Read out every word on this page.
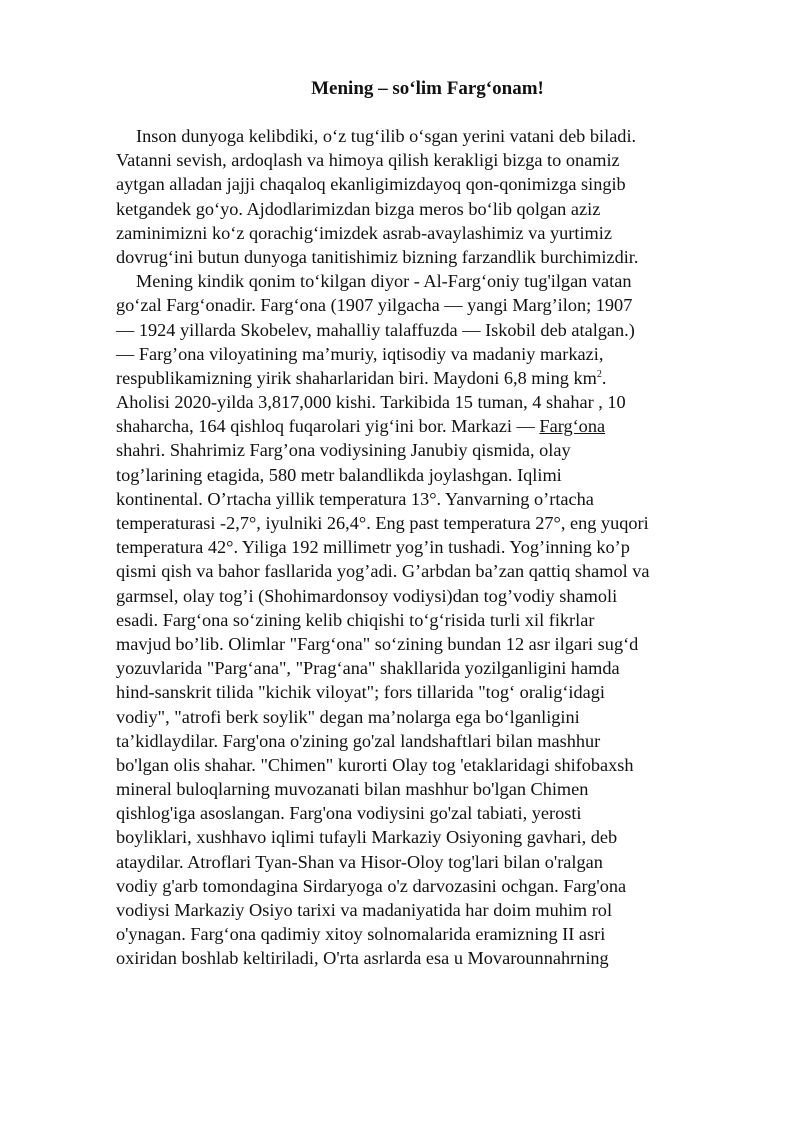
Mening – so‘lim Farg‘onam!
Inson dunyoga kelibdiki, o‘z tug‘ilib o‘sgan yerini vatani deb biladi.
Vatanni sevish, ardoqlash va himoya qilish kerakligi bizga to onamiz
aytgan alladan jajji chaqaloq ekanligimizdayoq qon-qonimizga singib
ketgandek go‘yo. Ajdodlarimizdan bizga meros bo‘lib qolgan aziz
zaminimizni ko‘z qorachig‘imizdek asrab-avaylashimiz va yurtimiz
dovrug‘ini butun dunyoga tanitishimiz bizning farzandlik burchimizdir.
Mening kindik qonim to‘kilgan diyor - Al-Farg‘oniy tug'ilgan vatan
go‘zal Farg‘onadir. Farg‘ona (1907 yilgacha — yangi Marg’ilon; 1907
— 1924 yillarda Skobelev, mahalliy talaffuzda — Iskobil deb atalgan.)
— Farg’ona viloyatining ma’muriy, iqtisodiy va madaniy markazi,
respublikamizning yirik shaharlaridan biri. Maydoni 6,8 ming $km^2$.
Aholisi 2020-yilda 3,817,000 kishi. Tarkibida 15 tuman, 4 shahar , 10
shaharcha, 164 qishloq fuqarolari yig‘ini bor. Markazi — Farg‘ona
shahri. Shahrimiz Farg’ona vodiysining Janubiy qismida, olay
tog’larining etagida, 580 metr balandlikda joylashgan. Iqlimi
kontinental. O’rtacha yillik temperatura 13°. Yanvarning o’rtacha
temperaturasi -2,7°, iyulniki 26,4°. Eng past temperatura 27°, eng yuqori
temperatura 42°. Yiliga 192 millimetr yog’in tushadi. Yog’inning ko’p
qismi qish va bahor fasllarida yog’adi. G’arbdan ba’zan qattiq shamol va
garmsel, olay tog’i (Shohimardonsoy vodiysi)dan tog’vodiy shamoli
esadi. Farg‘ona so‘zining kelib chiqishi to‘g‘risida turli xil fikrlar
mavjud bo’lib. Olimlar "Farg‘ona" so‘zining bundan 12 asr ilgari sug‘d
yozuvlarida "Parg‘ana", "Prag‘ana" shakllarida yozilganligini hamda
hind-sanskrit tilida "kichik viloyat"; fors tillarida "tog‘ oralig‘idagi
vodiy", "atrofi berk soylik" degan ma’nolarga ega bo‘lganligini
ta’kidlaydilar. Farg'ona o'zining go'zal landshaftlari bilan mashhur
bo'lgan olis shahar. "Chimen" kurorti Olay tog 'etaklaridagi shifobaxsh
mineral buloqlarning muvozanati bilan mashhur bo'lgan Chimen
qishlog'iga asoslangan. Farg'ona vodiysini go'zal tabiati, yerosti
boyliklari, xushhavo iqlimi tufayli Markaziy Osiyoning gavhari, deb
ataydilar. Atroflari Tyan-Shan va Hisor-Oloy tog'lari bilan o'ralgan
vodiy g'arb tomondagina Sirdaryoga o'z darvozasini ochgan. Farg'ona
vodiysi Markaziy Osiyo tarixi va madaniyatida har doim muhim rol
o'ynagan. Farg‘ona qadimiy xitoy solnomalarida eramizning II asri
oxiridan boshlab keltiriladi, O'rta asrlarda esa u Movarounnahrning
